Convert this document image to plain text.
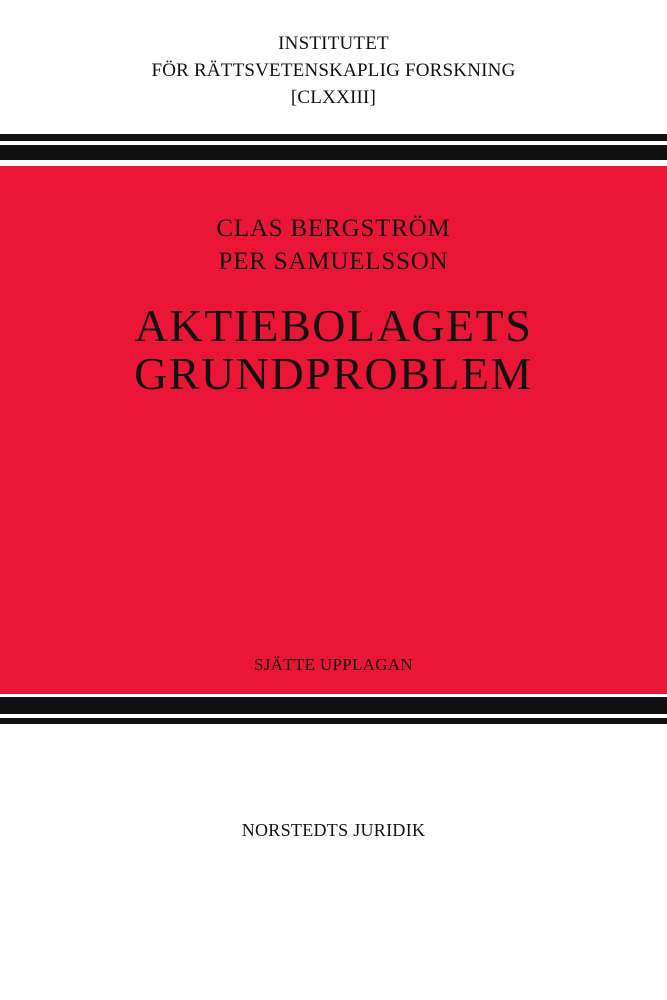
INSTITUTET
FÖR RÄTTSVETENSKAPLIG FORSKNING
[CLXXIII]
CLAS BERGSTRÖM
PER SAMUELSSON
AKTIEBOLAGETS
GRUNDPROBLEM
SJÄTTE UPPLAGAN
NORSTEDTS JURIDIK
